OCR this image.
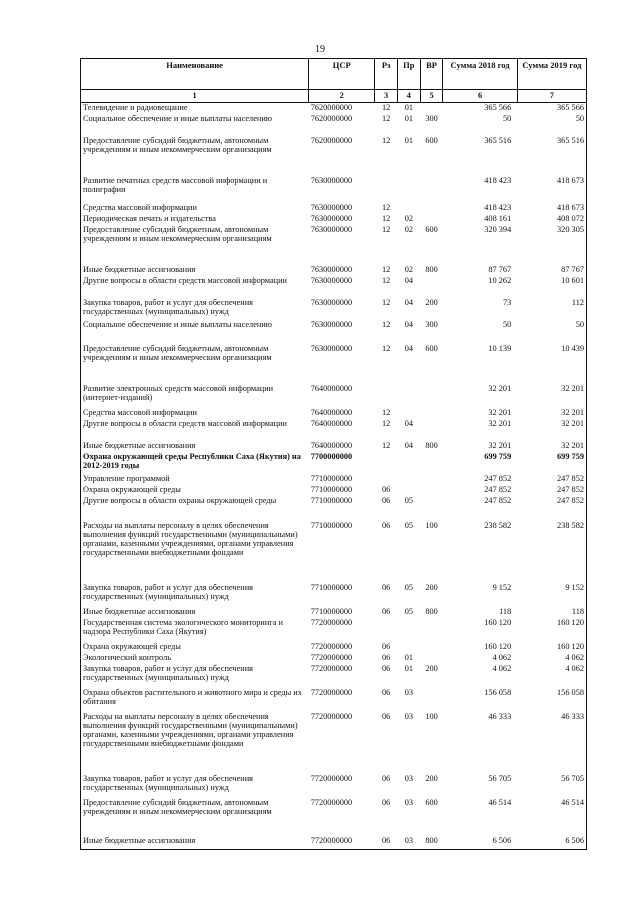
19
Наименование	ЦСР	Рз	Пр	ВР	Сумма 2018 год	Сумма 2019 год
1	2	3	4	5	6	7
Телевидение и радиовещание	7620000000	12	01		365 566	365 566
Социальное обеспечение и иные выплаты населению	7620000000	12	01	300	50	50
Предоставление субсидий бюджетным, автономным учреждениям и иным некоммерческим организациям	7620000000	12	01	600	365 516	365 516
Развитие печатных средств массовой информации и полиграфии	7630000000				418 423	418 673
Средства массовой информации	7630000000	12			418 423	418 673
Периодическая печать и издательства	7630000000	12	02		408 161	408 072
Предоставление субсидий бюджетным, автономным учреждениям и иным некоммерческим организациям	7630000000	12	02	600	320 394	320 305
Иные бюджетные ассигнования	7630000000	12	02	800	87 767	87 767
Другие вопросы в области средств массовой информации	7630000000	12	04		10 262	10 601
Закупка товаров, работ и услуг для обеспечения государственных (муниципальных) нужд	7630000000	12	04	200	73	112
Социальное обеспечение и иные выплаты населению	7630000000	12	04	300	50	50
Предоставление субсидий бюджетным, автономным учреждениям и иным некоммерческим организациям	7630000000	12	04	600	10 139	10 439
Развитие электронных средств массовой информации (интернет-изданий)	7640000000				32 201	32 201
Средства массовой информации	7640000000	12			32 201	32 201
Другие вопросы в области средств массовой информации	7640000000	12	04		32 201	32 201
Иные бюджетные ассигнования	7640000000	12	04	800	32 201	32 201
Охрана окружающей среды Республики Саха (Якутия) на 2012-2019 годы	7700000000				699 759	699 759
Управление программой	7710000000				247 852	247 852
Охрана окружающей среды	7710000000	06			247 852	247 852
Другие вопросы в области охраны окружающей среды	7710000000	06	05		247 852	247 852
Расходы на выплаты персоналу в целях обеспечения выполнения функций государственными (муниципальными) органами, казенными учреждениями, органами управления государственными внебюджетными фондами	7710000000	06	05	100	238 582	238 582
Закупка товаров, работ и услуг для обеспечения государственных (муниципальных) нужд	7710000000	06	05	200	9 152	9 152
Иные бюджетные ассигнования	7710000000	06	05	800	118	118
Государственная система экологического мониторинга и надзора Республики Саха (Якутия)	7720000000				160 120	160 120
Охрана окружающей среды	7720000000	06			160 120	160 120
Экологический контроль	7720000000	06	01		4 062	4 062
Закупка товаров, работ и услуг для обеспечения государственных (муниципальных) нужд	7720000000	06	01	200	4 062	4 062
Охрана объектов растительного и животного мира и среды их обитания	7720000000	06	03		156 058	156 058
Расходы на выплаты персоналу в целях обеспечения выполнения функций государственными (муниципальными) органами, казенными учреждениями, органами управления государственными внебюджетными фондами	7720000000	06	03	100	46 333	46 333
Закупка товаров, работ и услуг для обеспечения государственных (муниципальных) нужд	7720000000	06	03	200	56 705	56 705
Предоставление субсидий бюджетным, автономным учреждениям и иным некоммерческим организациям	7720000000	06	03	600	46 514	46 514
Иные бюджетные ассигнования	7720000000	06	03	800	6 506	6 506
